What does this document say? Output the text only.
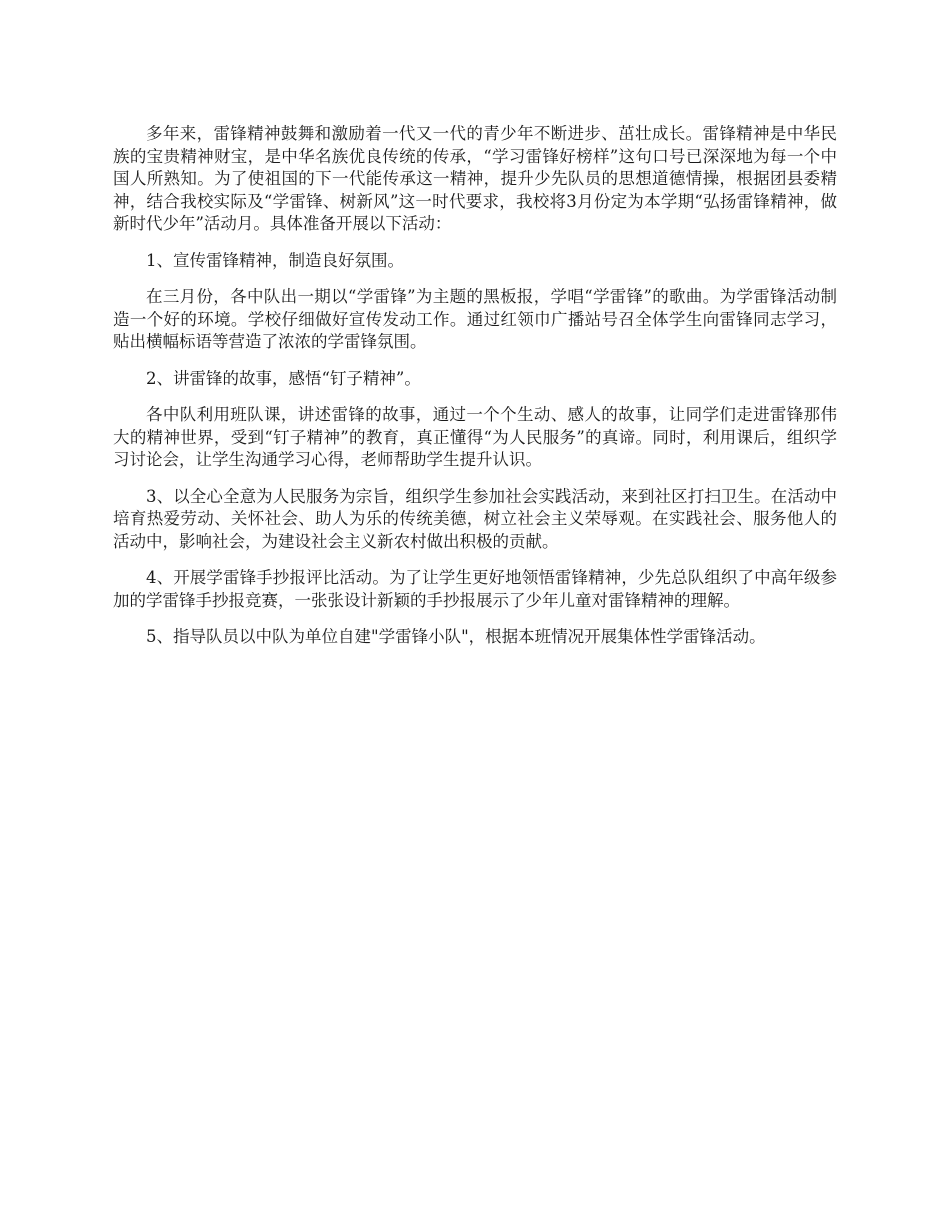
多年来，雷锋精神鼓舞和激励着一代又一代的青少年不断进步、茁壮成长。雷锋精神是中华民族的宝贵精神财宝，是中华名族优良传统的传承，“学习雷锋好榜样”这句口号已深深地为每一个中国人所熟知。为了使祖国的下一代能传承这一精神，提升少先队员的思想道德情操，根据团县委精神，结合我校实际及“学雷锋、树新风”这一时代要求，我校将3月份定为本学期“弘扬雷锋精神，做新时代少年”活动月。具体准备开展以下活动：

1、宣传雷锋精神，制造良好氛围。

在三月份，各中队出一期以“学雷锋”为主题的黑板报，学唱“学雷锋”的歌曲。为学雷锋活动制造一个好的环境。学校仔细做好宣传发动工作。通过红领巾广播站号召全体学生向雷锋同志学习，贴出横幅标语等营造了浓浓的学雷锋氛围。

2、讲雷锋的故事，感悟“钉子精神”。

各中队利用班队课，讲述雷锋的故事，通过一个个生动、感人的故事，让同学们走进雷锋那伟大的精神世界，受到“钉子精神”的教育，真正懂得“为人民服务”的真谛。同时，利用课后，组织学习讨论会，让学生沟通学习心得，老师帮助学生提升认识。

3、以全心全意为人民服务为宗旨，组织学生参加社会实践活动，来到社区打扫卫生。在活动中培育热爱劳动、关怀社会、助人为乐的传统美德，树立社会主义荣辱观。在实践社会、服务他人的活动中，影响社会，为建设社会主义新农村做出积极的贡献。

4、开展学雷锋手抄报评比活动。为了让学生更好地领悟雷锋精神，少先总队组织了中高年级参加的学雷锋手抄报竞赛，一张张设计新颖的手抄报展示了少年儿童对雷锋精神的理解。

5、指导队员以中队为单位自建"学雷锋小队"，根据本班情况开展集体性学雷锋活动。
